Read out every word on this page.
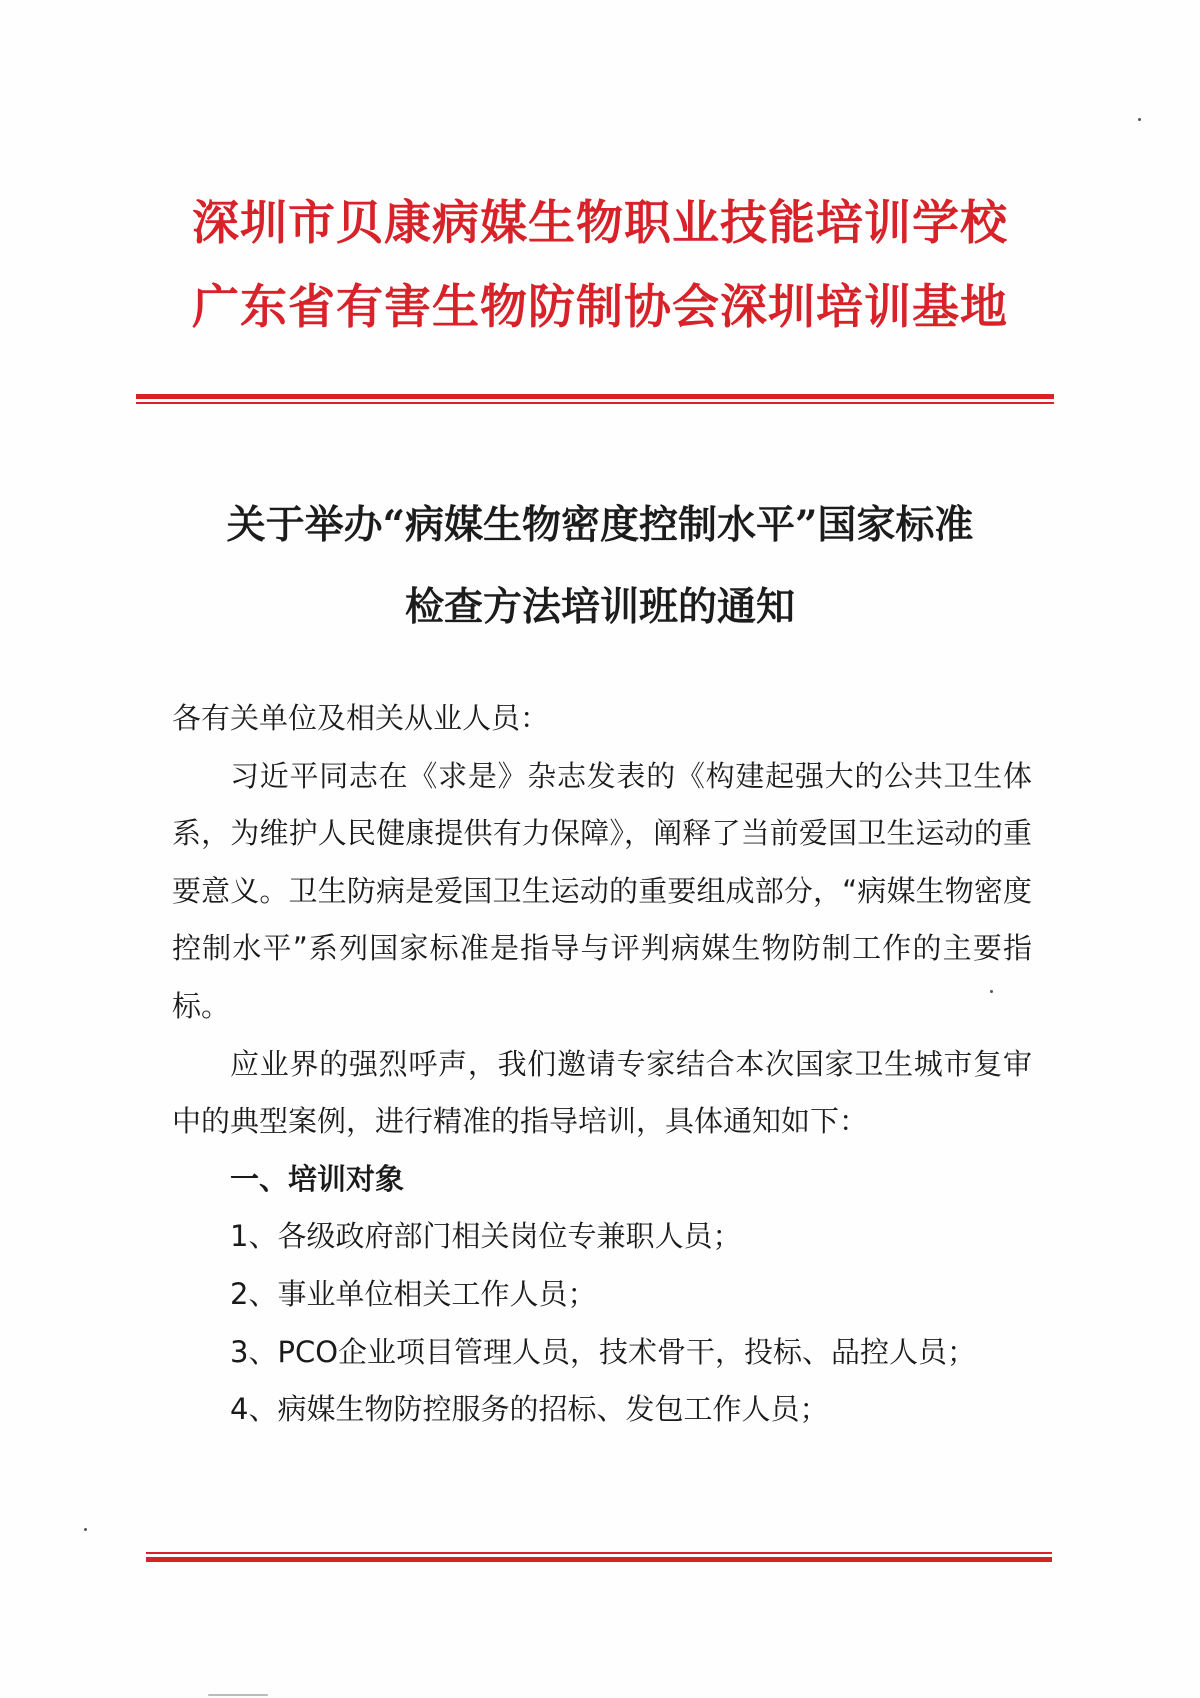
深圳市贝康病媒生物职业技能培训学校
广东省有害生物防制协会深圳培训基地
关于举办“病媒生物密度控制水平”国家标准
检查方法培训班的通知

各有关单位及相关从业人员：

习近平同志在《求是》杂志发表的《构建起强大的公共卫生体系，为维护人民健康提供有力保障》，阐释了当前爱国卫生运动的重要意义。卫生防病是爱国卫生运动的重要组成部分，“病媒生物密度控制水平”系列国家标准是指导与评判病媒生物防制工作的主要指标。

应业界的强烈呼声，我们邀请专家结合本次国家卫生城市复审中的典型案例，进行精准的指导培训，具体通知如下：

一、培训对象

1、各级政府部门相关岗位专兼职人员；

2、事业单位相关工作人员；

3、PCO企业项目管理人员，技术骨干，投标、品控人员；

4、病媒生物防控服务的招标、发包工作人员；
